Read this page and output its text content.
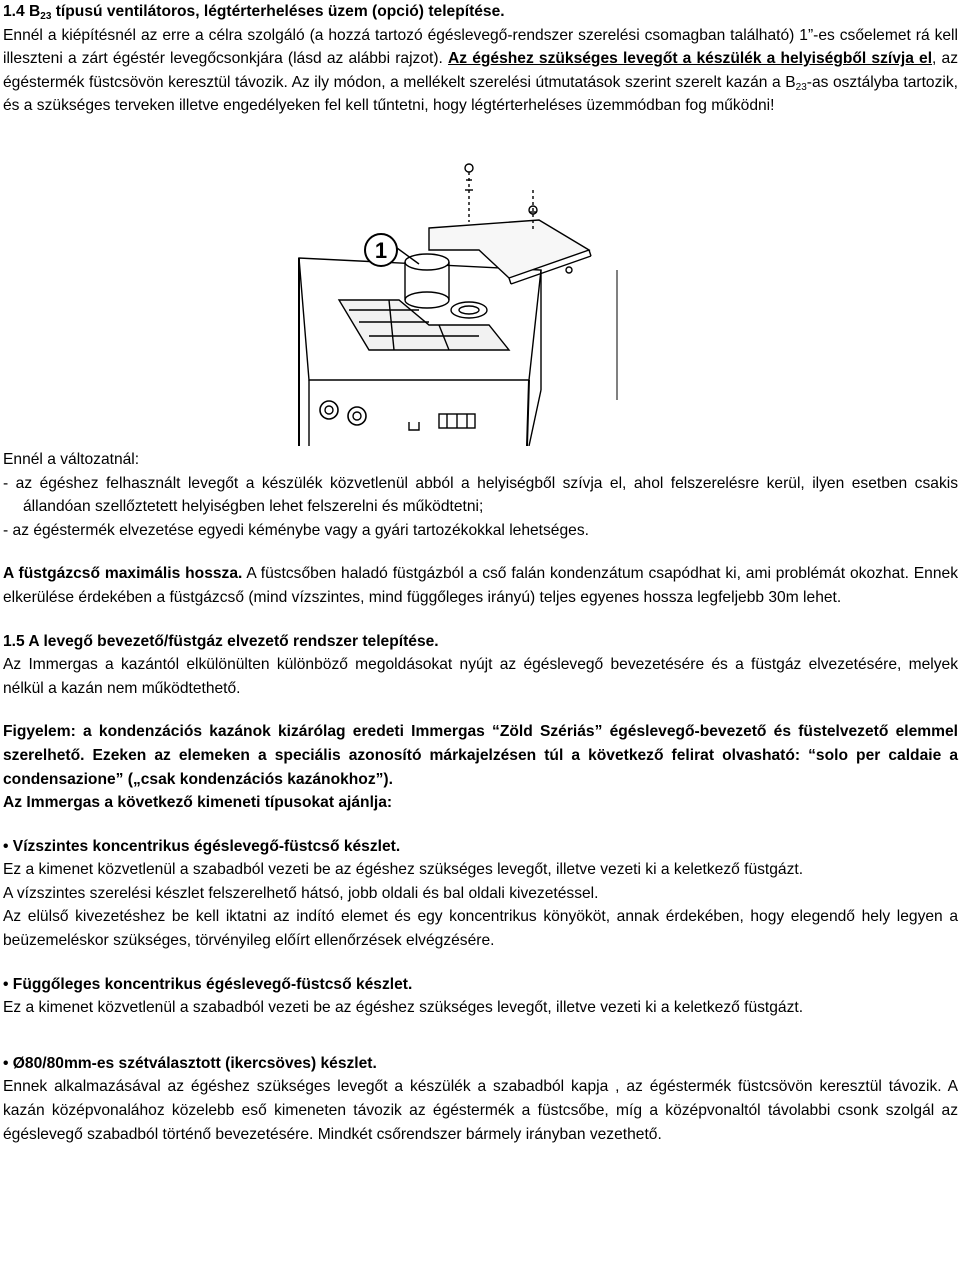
1.4 $B_{23}$ típusú ventilátoros, légtérterheléses üzem (opció) telepítése.

Ennél a kiépítésnél az erre a célra szolgáló (a hozzá tartozó égéslevegő-rendszer szerelési csomagban található) 1”-es csőelemet rá kell illeszteni a zárt égéstér levegőcsonkjára (lásd az alábbi rajzot). Az égéshez szükséges levegőt a készülék a helyiségből szívja el, az égéstermék füstcsövön keresztül távozik. Az ily módon, a mellékelt szerelési útmutatások szerint szerelt kazán a $B_{23}-as$ osztályba tartozik, és a szükséges terveken illetve engedélyeken fel kell tűntetni, hogy légtérterheléses üzemmódban fog működni!

1

Ennél a változatnál:

- az égéshez felhasznált levegőt a készülék közvetlenül abból a helyiségből szívja el, ahol felszerelésre kerül, ilyen esetben csakis állandóan szellőztetett helyiségben lehet felszerelni és működtetni;

- az égéstermék elvezetése egyedi kéménybe vagy a gyári tartozékokkal lehetséges.

A füstgázcső maximális hossza. A füstcsőben haladó füstgázból a cső falán kondenzátum csapódhat ki, ami problémát okozhat. Ennek elkerülése érdekében a füstgázcső (mind vízszintes, mind függőleges irányú) teljes egyenes hossza legfeljebb 30m lehet.

1.5 A levegő bevezető/füstgáz elvezető rendszer telepítése.

Az Immergas a kazántól elkülönülten különböző megoldásokat nyújt az égéslevegő bevezetésére és a füstgáz elvezetésére, melyek nélkül a kazán nem működtethető.

Figyelem: a kondenzációs kazánok kizárólag eredeti Immergas “Zöld Szériás” égéslevegő-bevezető és füstelvezető elemmel szerelhető. Ezeken az elemeken a speciális azonosító márkajelzésen túl a következő felirat olvasható: “solo per caldaie a condensazione” („csak kondenzációs kazánokhoz”).

Az Immergas a következő kimeneti típusokat ajánlja:

• Vízszintes koncentrikus égéslevegő-füstcső készlet.

Ez a kimenet közvetlenül a szabadból vezeti be az égéshez szükséges levegőt, illetve vezeti ki a keletkező füstgázt.

A vízszintes szerelési készlet felszerelhető hátsó, jobb oldali és bal oldali kivezetéssel.

Az elülső kivezetéshez be kell iktatni az indító elemet és egy koncentrikus könyököt, annak érdekében, hogy elegendő hely legyen a beüzemeléskor szükséges, törvényileg előírt ellenőrzések elvégzésére.

• Függőleges koncentrikus égéslevegő-füstcső készlet.

Ez a kimenet közvetlenül a szabadból vezeti be az égéshez szükséges levegőt, illetve vezeti ki a keletkező füstgázt.

• Ø80/80mm-es szétválasztott (ikercsöves) készlet.

Ennek alkalmazásával az égéshez szükséges levegőt a készülék a szabadból kapja , az égéstermék füstcsövön keresztül távozik. A kazán középvonalához közelebb eső kimeneten távozik az égéstermék a füstcsőbe, míg a középvonaltól távolabbi csonk szolgál az égéslevegő szabadból történő bevezetésére. Mindkét csőrendszer bármely irányban vezethető.
